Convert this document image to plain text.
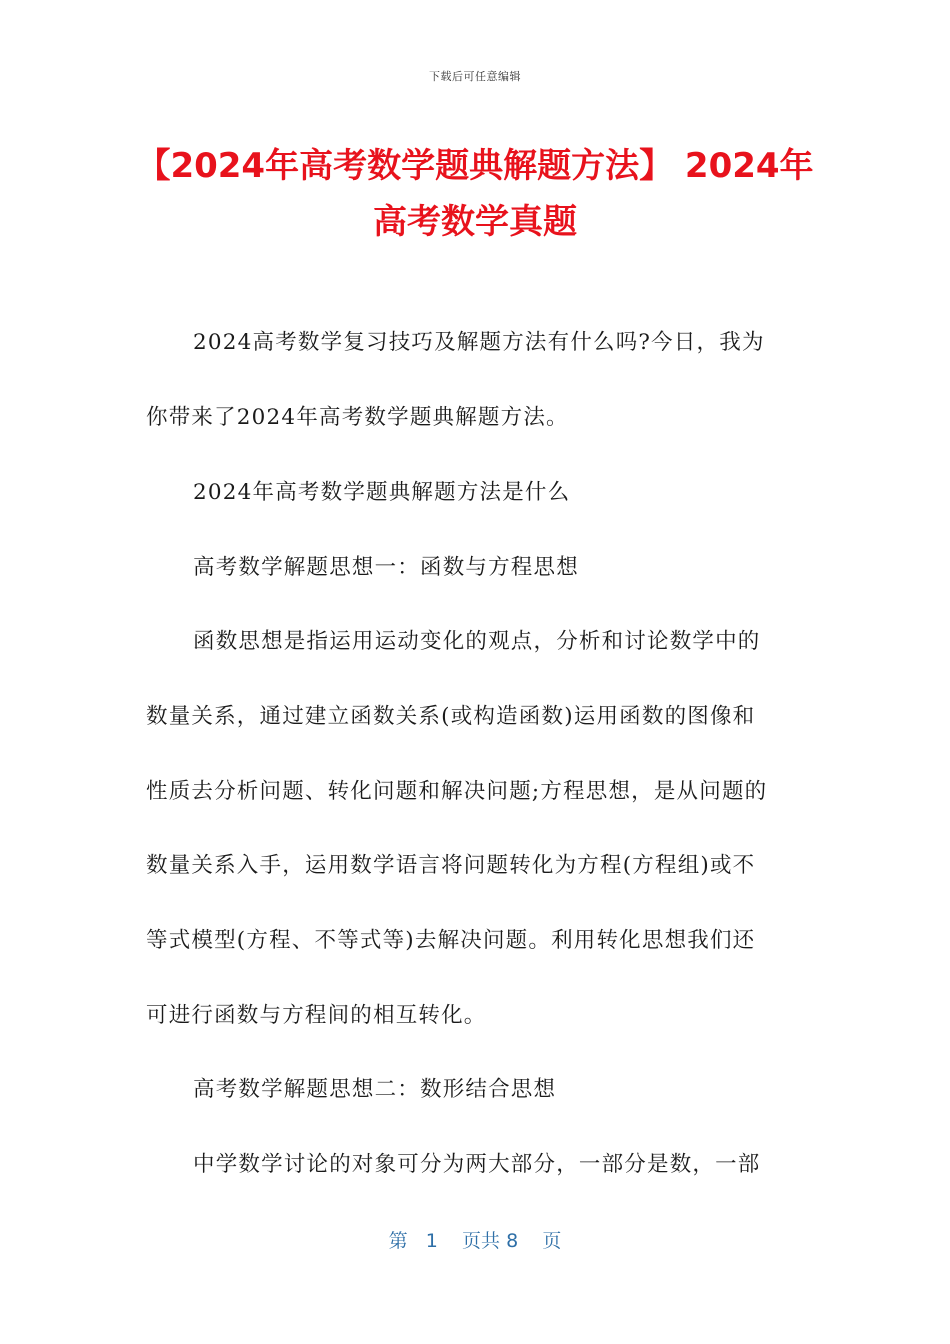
下载后可任意编辑
【2024年高考数学题典解题方法】 2024年
高考数学真题
2024高考数学复习技巧及解题方法有什么吗?今日，我为
你带来了2024年高考数学题典解题方法。
2024年高考数学题典解题方法是什么
高考数学解题思想一：函数与方程思想
函数思想是指运用运动变化的观点，分析和讨论数学中的
数量关系，通过建立函数关系(或构造函数)运用函数的图像和
性质去分析问题、转化问题和解决问题;方程思想，是从问题的
数量关系入手，运用数学语言将问题转化为方程(方程组)或不
等式模型(方程、不等式等)去解决问题。利用转化思想我们还
可进行函数与方程间的相互转化。
高考数学解题思想二：数形结合思想
中学数学讨论的对象可分为两大部分，一部分是数，一部
第 1 页共 8 页
